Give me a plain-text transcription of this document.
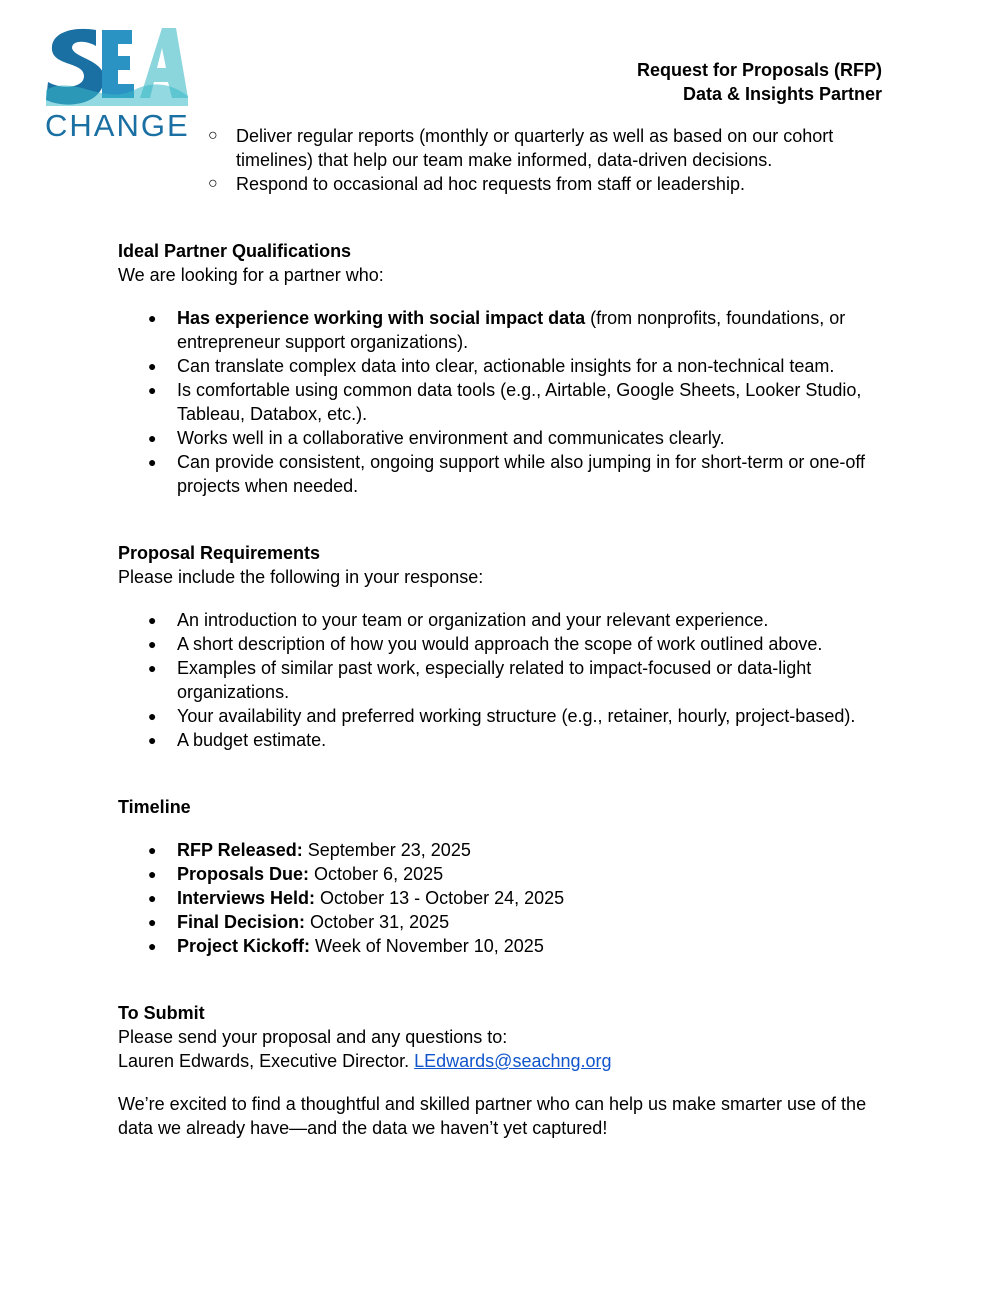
CHANGE
Request for Proposals (RFP)
Data & Insights Partner
○ Deliver regular reports (monthly or quarterly as well as based on our cohort timelines) that help our team make informed, data-driven decisions.
○ Respond to occasional ad hoc requests from staff or leadership.
Ideal Partner Qualifications
We are looking for a partner who:
● Has experience working with social impact data (from nonprofits, foundations, or entrepreneur support organizations).
● Can translate complex data into clear, actionable insights for a non-technical team.
● Is comfortable using common data tools (e.g., Airtable, Google Sheets, Looker Studio, Tableau, Databox, etc.).
● Works well in a collaborative environment and communicates clearly.
● Can provide consistent, ongoing support while also jumping in for short-term or one-off projects when needed.
Proposal Requirements
Please include the following in your response:
● An introduction to your team or organization and your relevant experience.
● A short description of how you would approach the scope of work outlined above.
● Examples of similar past work, especially related to impact-focused or data-light organizations.
● Your availability and preferred working structure (e.g., retainer, hourly, project-based).
● A budget estimate.
Timeline
● RFP Released: September 23, 2025
● Proposals Due: October 6, 2025
● Interviews Held: October 13 - October 24, 2025
● Final Decision: October 31, 2025
● Project Kickoff: Week of November 10, 2025
To Submit
Please send your proposal and any questions to:
Lauren Edwards, Executive Director. LEdwards@seachng.org
We’re excited to find a thoughtful and skilled partner who can help us make smarter use of the data we already have—and the data we haven’t yet captured!
